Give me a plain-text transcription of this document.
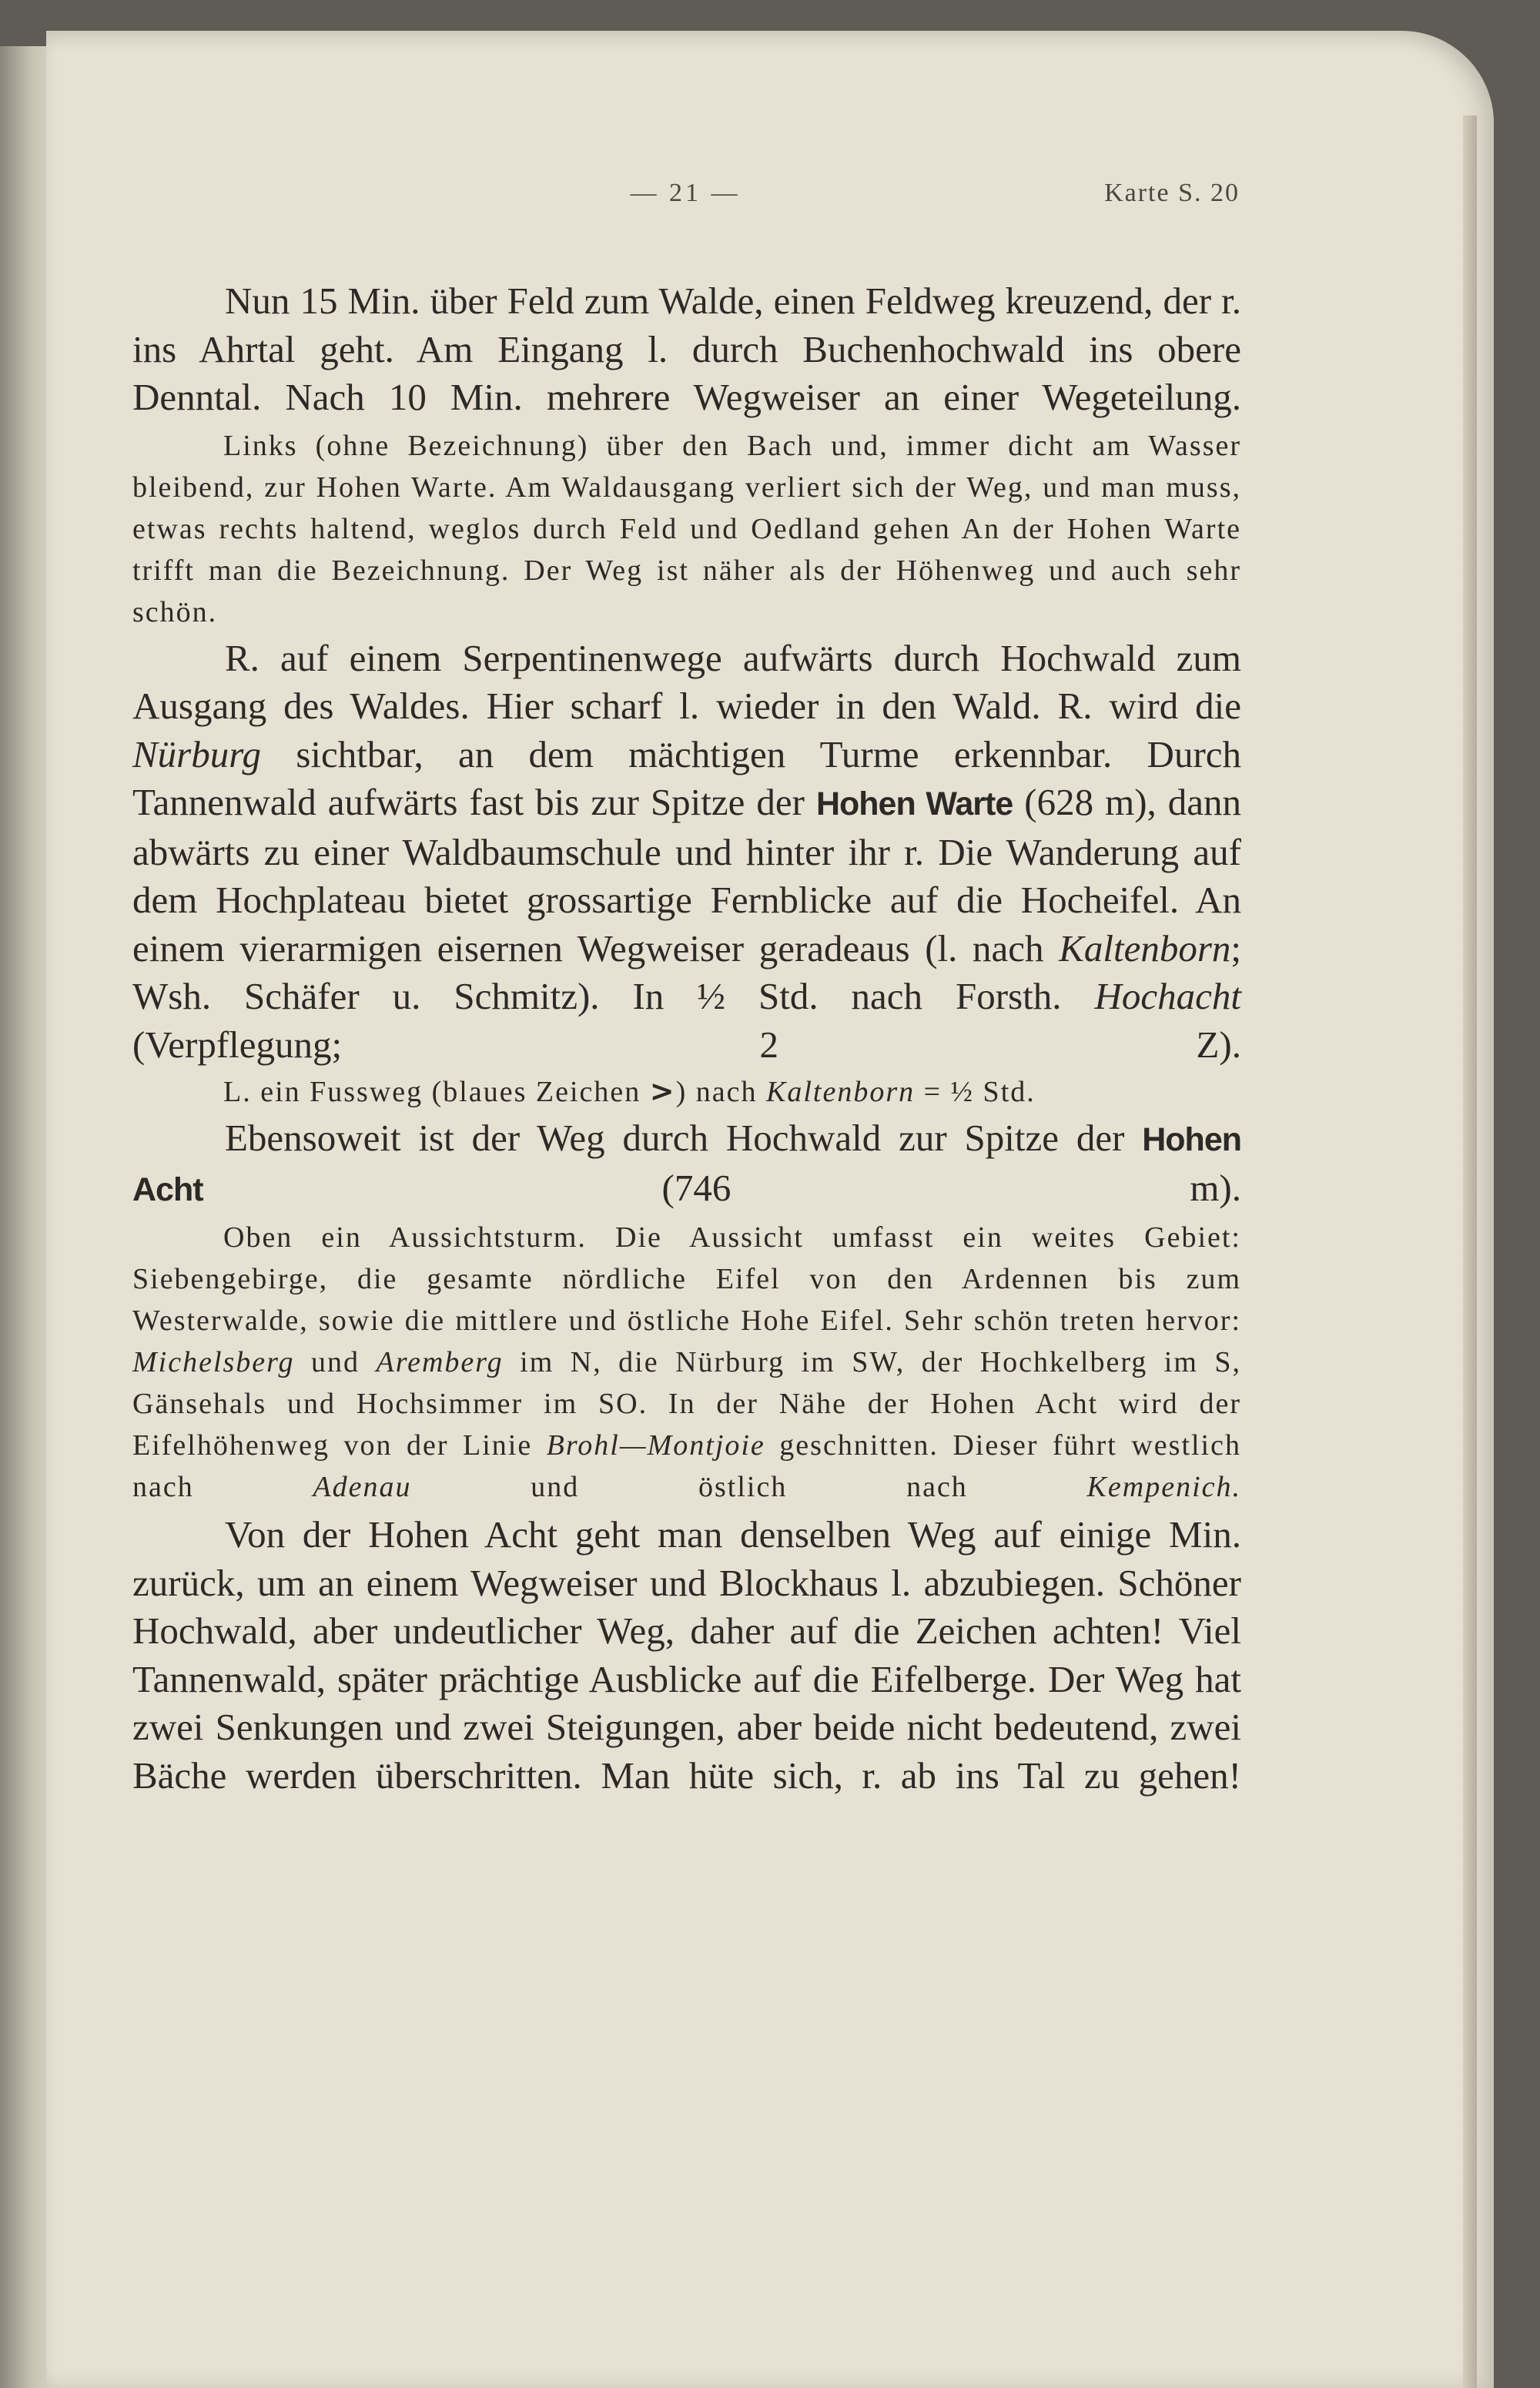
— 21 —	Karte S. 20

Nun 15 Min. über Feld zum Walde, einen Feldweg kreuzend, der r. ins Ahrtal geht. Am Eingang l. durch Buchenhochwald ins obere Denntal. Nach 10 Min. mehrere Wegweiser an einer Wegeteilung.

Links (ohne Bezeichnung) über den Bach und, immer dicht am Wasser bleibend, zur Hohen Warte. Am Waldausgang verliert sich der Weg, und man muss, etwas rechts haltend, weglos durch Feld und Oedland gehen An der Hohen Warte trifft man die Bezeichnung. Der Weg ist näher als der Höhenweg und auch sehr schön.

R. auf einem Serpentinenwege aufwärts durch Hochwald zum Ausgang des Waldes. Hier scharf l. wieder in den Wald. R. wird die Nürburg sichtbar, an dem mächtigen Turme erkennbar. Durch Tannenwald aufwärts fast bis zur Spitze der Hohen Warte (628 m), dann abwärts zu einer Waldbaumschule und hinter ihr r. Die Wanderung auf dem Hochplateau bietet grossartige Fernblicke auf die Hocheifel. An einem vierarmigen eisernen Wegweiser geradeaus (l. nach Kaltenborn; Wsh. Schäfer u. Schmitz). In ½ Std. nach Forsth. Hochacht (Verpflegung; 2 Z).

L. ein Fussweg (blaues Zeichen >) nach Kaltenborn = ½ Std.

Ebensoweit ist der Weg durch Hochwald zur Spitze der Hohen Acht	(746 m).

Oben ein Aussichtsturm. Die Aussicht umfasst ein weites Gebiet: Siebengebirge, die gesamte nördliche Eifel von den Ardennen bis zum Westerwalde, sowie die mittlere und östliche Hohe Eifel. Sehr schön treten hervor: Michelsberg und Aremberg im N, die Nürburg im SW, der Hochkelberg im S, Gänsehals und Hochsimmer im SO. In der Nähe der Hohen Acht wird der Eifelhöhenweg von der Linie Brohl—Montjoie geschnitten. Dieser führt westlich nach	Adenau	und östlich nach	Kempenich.

Von der Hohen Acht geht man denselben Weg auf einige Min. zurück, um an einem Wegweiser und Blockhaus l. abzubiegen. Schöner Hochwald, aber undeutlicher Weg, daher auf die Zeichen achten! Viel Tannenwald, später prächtige Ausblicke auf die Eifelberge. Der Weg hat zwei Senkungen und zwei Steigungen, aber beide nicht bedeutend, zwei Bäche werden überschritten. Man hüte sich, r. ab ins Tal zu gehen!
